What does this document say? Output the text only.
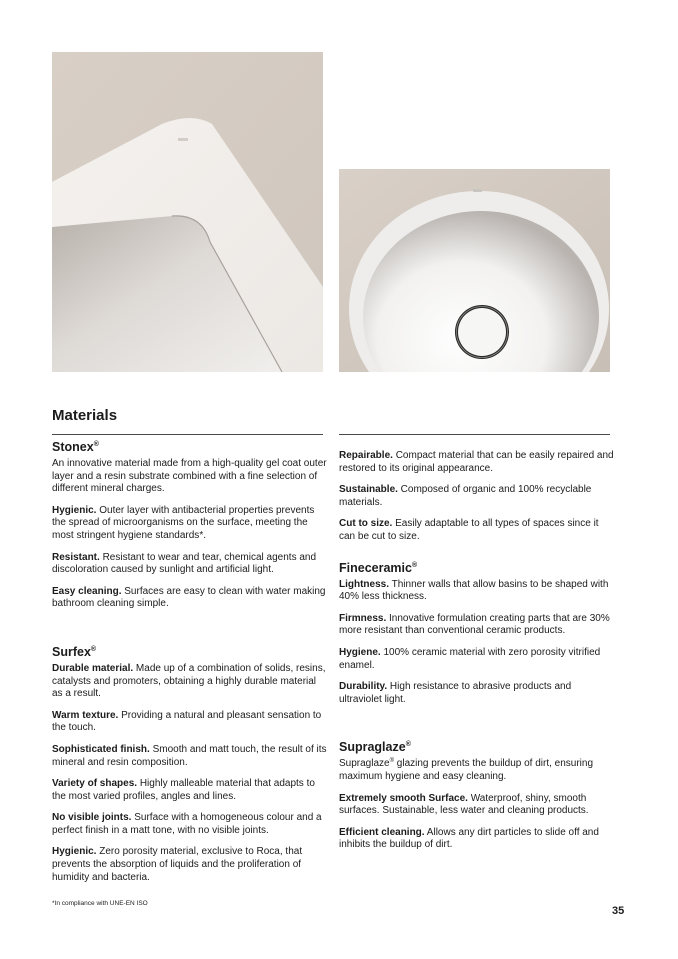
Materials
Stonex®

An innovative material made from a high-quality gel coat outer layer and a resin substrate combined with a fine selection of different mineral charges.

Hygienic. Outer layer with antibacterial properties prevents the spread of microorganisms on the surface, meeting the most stringent hygiene standards*.

Resistant. Resistant to wear and tear, chemical agents and discoloration caused by sunlight and artificial light.

Easy cleaning. Surfaces are easy to clean with water making bathroom cleaning simple.

Surfex®

Durable material. Made up of a combination of solids, resins, catalysts and promoters, obtaining a highly durable material as a result.

Warm texture. Providing a natural and pleasant sensation to the touch.

Sophisticated finish. Smooth and matt touch, the result of its mineral and resin composition.

Variety of shapes. Highly malleable material that adapts to the most varied profiles, angles and lines.

No visible joints. Surface with a homogeneous colour and a perfect finish in a matt tone, with no visible joints.

Hygienic. Zero porosity material, exclusive to Roca, that prevents the absorption of liquids and the proliferation of humidity and bacteria.

Repairable. Compact material that can be easily repaired and restored to its original appearance.

Sustainable. Composed of organic and 100% recyclable materials.

Cut to size. Easily adaptable to all types of spaces since it can be cut to size.

Fineceramic®

Lightness. Thinner walls that allow basins to be shaped with 40% less thickness.

Firmness. Innovative formulation creating parts that are 30% more resistant than conventional ceramic products.

Hygiene. 100% ceramic material with zero porosity vitrified enamel.

Durability. High resistance to abrasive products and ultraviolet light.

Supraglaze®

Supraglaze® glazing prevents the buildup of dirt, ensuring maximum hygiene and easy cleaning.

Extremely smooth Surface. Waterproof, shiny, smooth surfaces. Sustainable, less water and cleaning products.

Efficient cleaning. Allows any dirt particles to slide off and inhibits the buildup of dirt.

*In compliance with UNE-EN ISO

35
